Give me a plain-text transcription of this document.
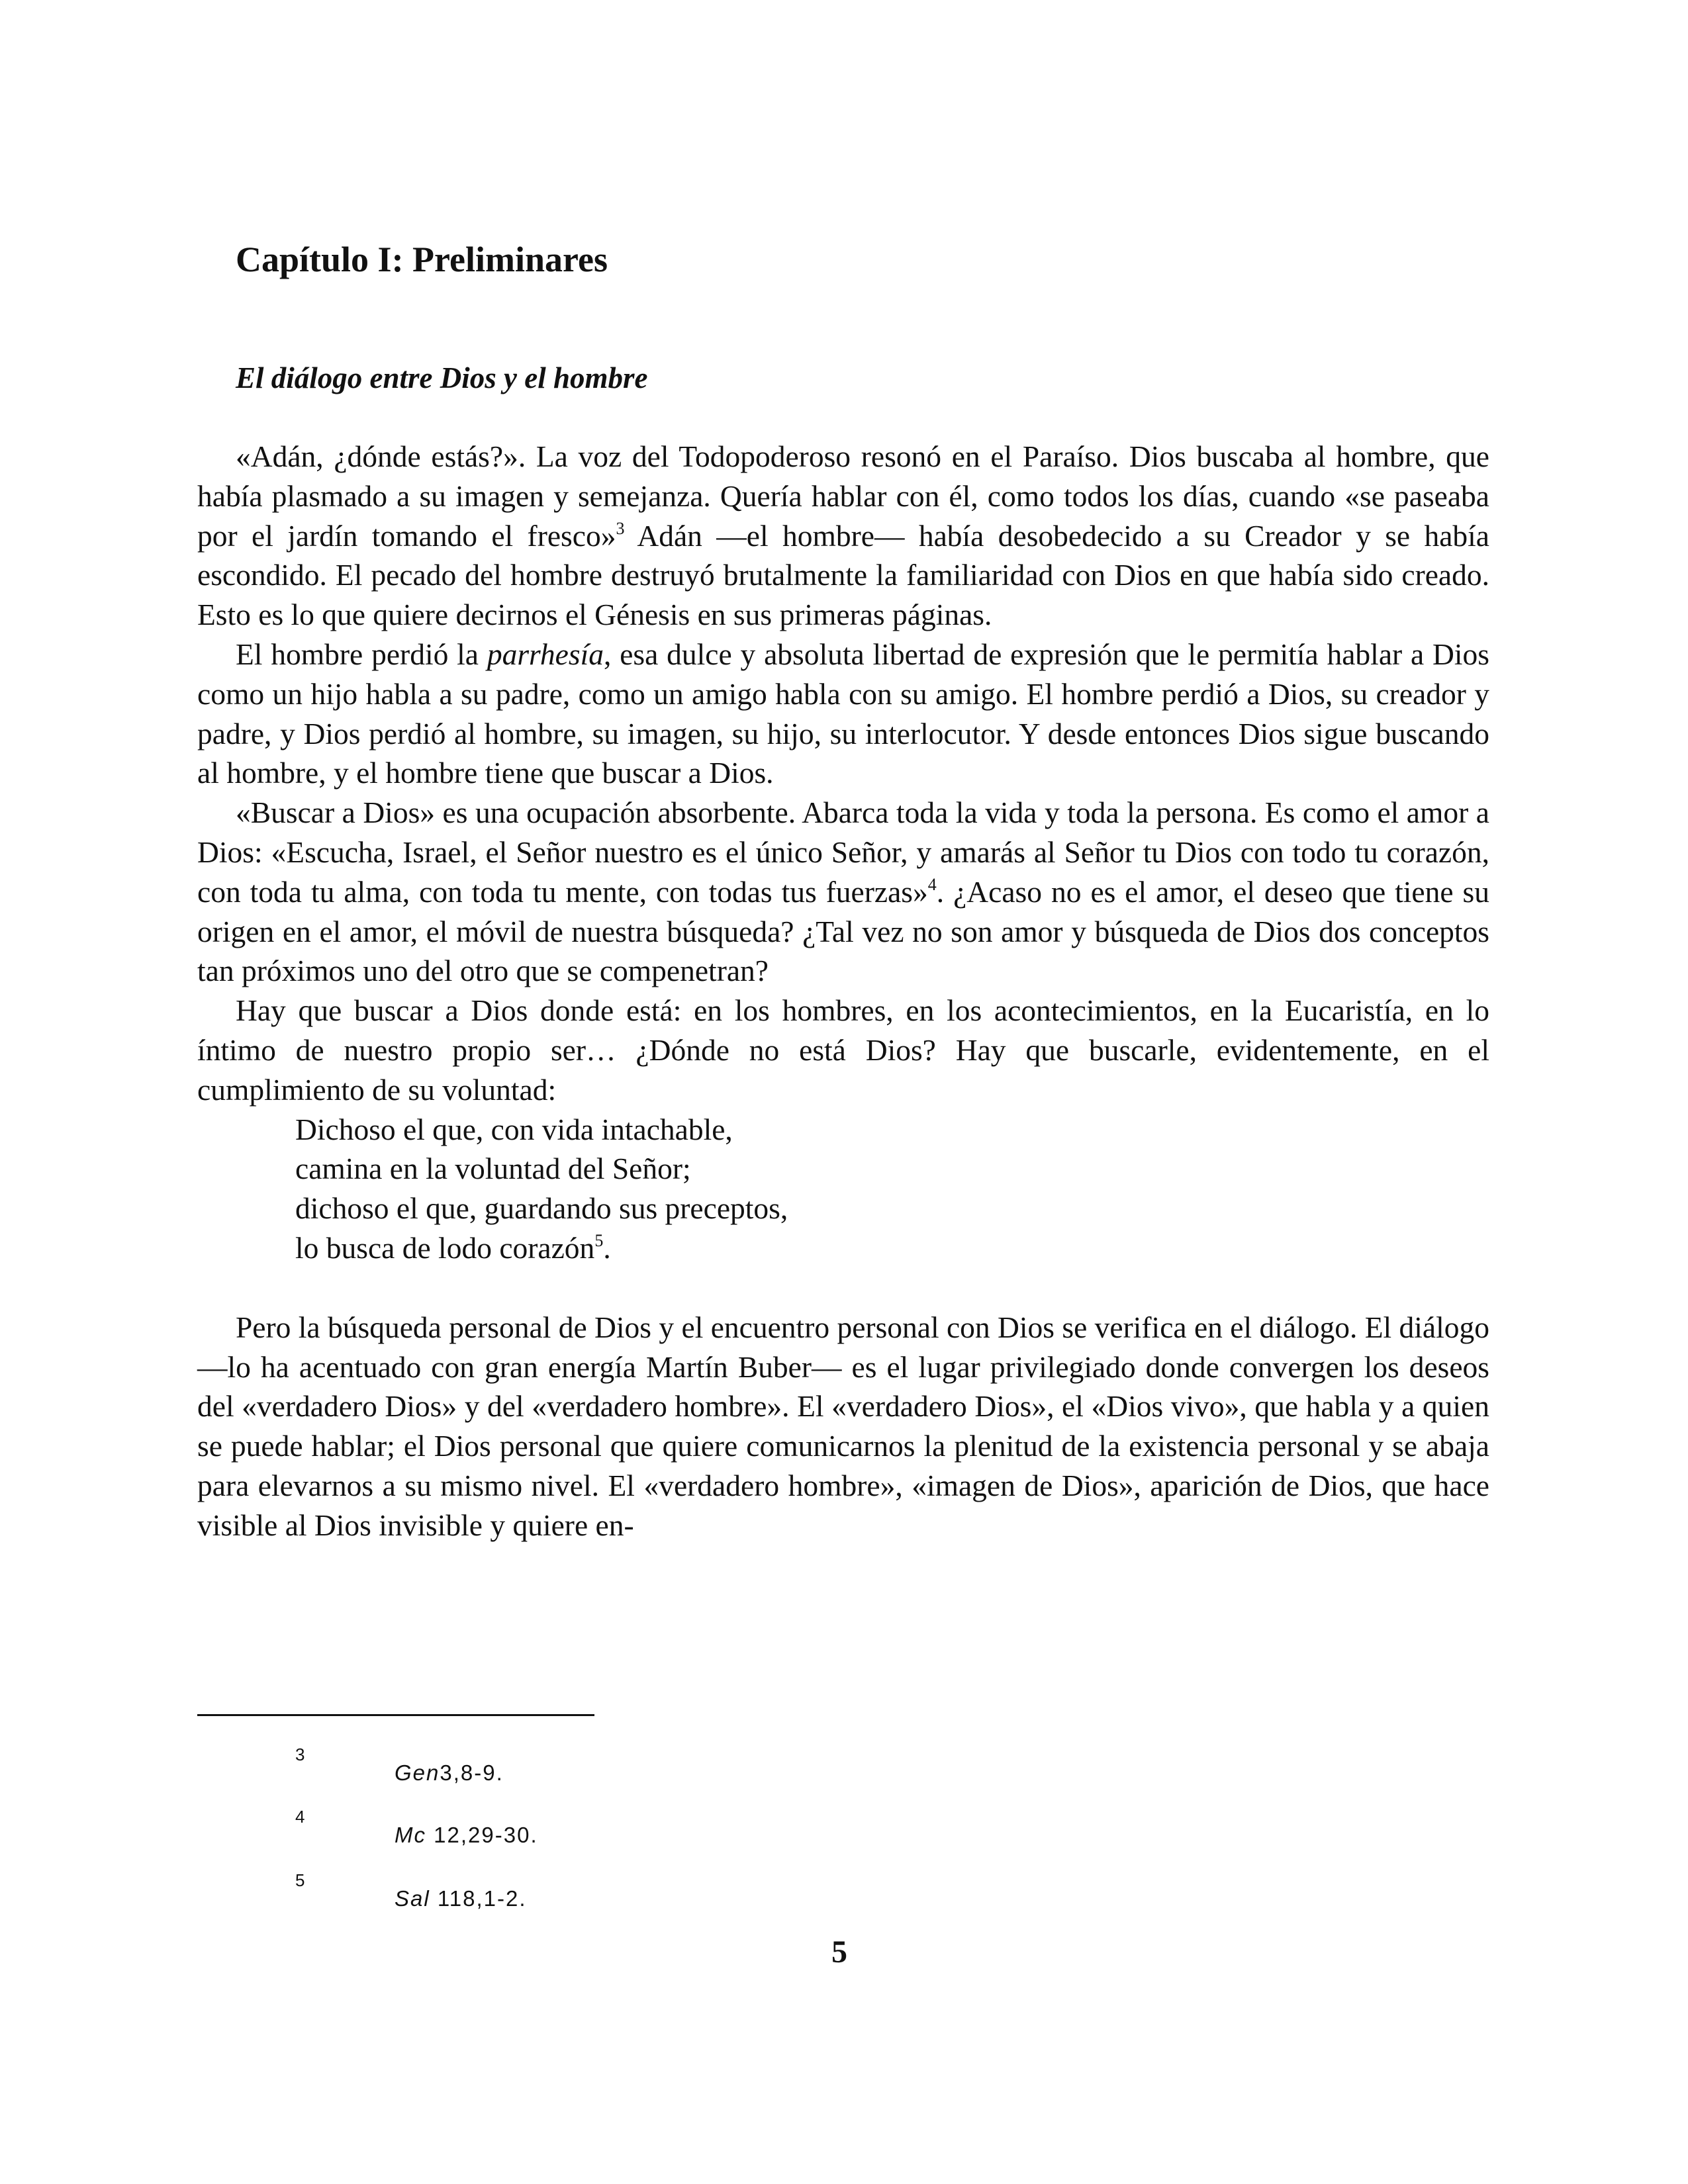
Capítulo I: Preliminares
El diálogo entre Dios y el hombre

«Adán, ¿dónde estás?». La voz del Todopoderoso resonó en el Paraíso. Dios buscaba al hombre, que había plasmado a su imagen y semejanza. Quería hablar con él, como todos los días, cuando «se paseaba por el jardín tomando el fresco»$^3$ Adán —el hombre— había desobedecido a su Creador y se había escondido. El pecado del hombre destruyó brutalmente la familiaridad con Dios en que había sido creado. Esto es lo que quiere decirnos el Génesis en sus primeras páginas.

El hombre perdió la parrhesía, esa dulce y absoluta libertad de expresión que le permitía hablar a Dios como un hijo habla a su padre, como un amigo habla con su amigo. El hombre perdió a Dios, su creador y padre, y Dios perdió al hombre, su imagen, su hijo, su interlocutor. Y desde entonces Dios sigue buscando al hombre, y el hombre tiene que buscar a Dios.

«Buscar a Dios» es una ocupación absorbente. Abarca toda la vida y toda la persona. Es como el amor a Dios: «Escucha, Israel, el Señor nuestro es el único Señor, y amarás al Señor tu Dios con todo tu corazón, con toda tu alma, con toda tu mente, con todas tus fuerzas»$^4$. ¿Acaso no es el amor, el deseo que tiene su origen en el amor, el móvil de nuestra búsqueda? ¿Tal vez no son amor y búsqueda de Dios dos conceptos tan próximos uno del otro que se compenetran?

Hay que buscar a Dios donde está: en los hombres, en los acontecimientos, en la Eucaristía, en lo íntimo de nuestro propio ser… ¿Dónde no está Dios? Hay que buscarle, evidentemente, en el cumplimiento de su voluntad:

Dichoso el que, con vida intachable,
camina en la voluntad del Señor;
dichoso el que, guardando sus preceptos,
lo busca de lodo corazón$^5$.

Pero la búsqueda personal de Dios y el encuentro personal con Dios se verifica en el diálogo. El diálogo —lo ha acentuado con gran energía Martín Buber— es el lugar privilegiado donde convergen los deseos del «verdadero Dios» y del «verdadero hombre». El «verdadero Dios», el «Dios vivo», que habla y a quien se puede hablar; el Dios personal que quiere comunicarnos la plenitud de la existencia personal y se abaja para elevarnos a su mismo nivel. El «verdadero hombre», «imagen de Dios», aparición de Dios, que hace visible al Dios invisible y quiere en-

3
Gen3,8-9.
4
Mc 12,29-30.
5
Sal 118,1-2.
5
